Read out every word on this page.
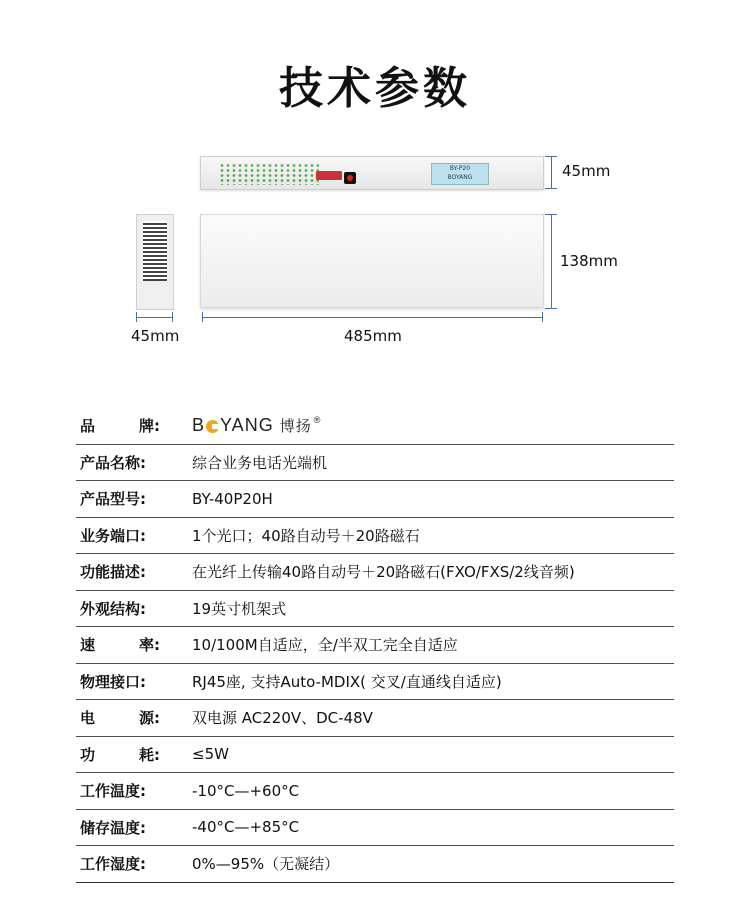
技术参数
BY-P20
BOYANG	45mm
138mm
45mm	485mm
品	牌: B YANG 博扬 ®
产品名称:	综合业务电话光端机
产品型号:	BY-40P20H
业务端口:	1个光口；40路自动号＋20路磁石
功能描述:	在光纤上传输40路自动号＋20路磁石(FXO/FXS/2线音频)
外观结构:	19英寸机架式
速	率: 10/100M自适应，全/半双工完全自适应
物理接口:	RJ45座, 支持Auto-MDIX( 交叉/直通线自适应)
电	源: 双电源 AC220V、DC-48V
功	耗: ≤5W
工作温度:	-10°C—+60°C
储存温度:	-40°C—+85°C
工作湿度:	0%—95%（无凝结）
